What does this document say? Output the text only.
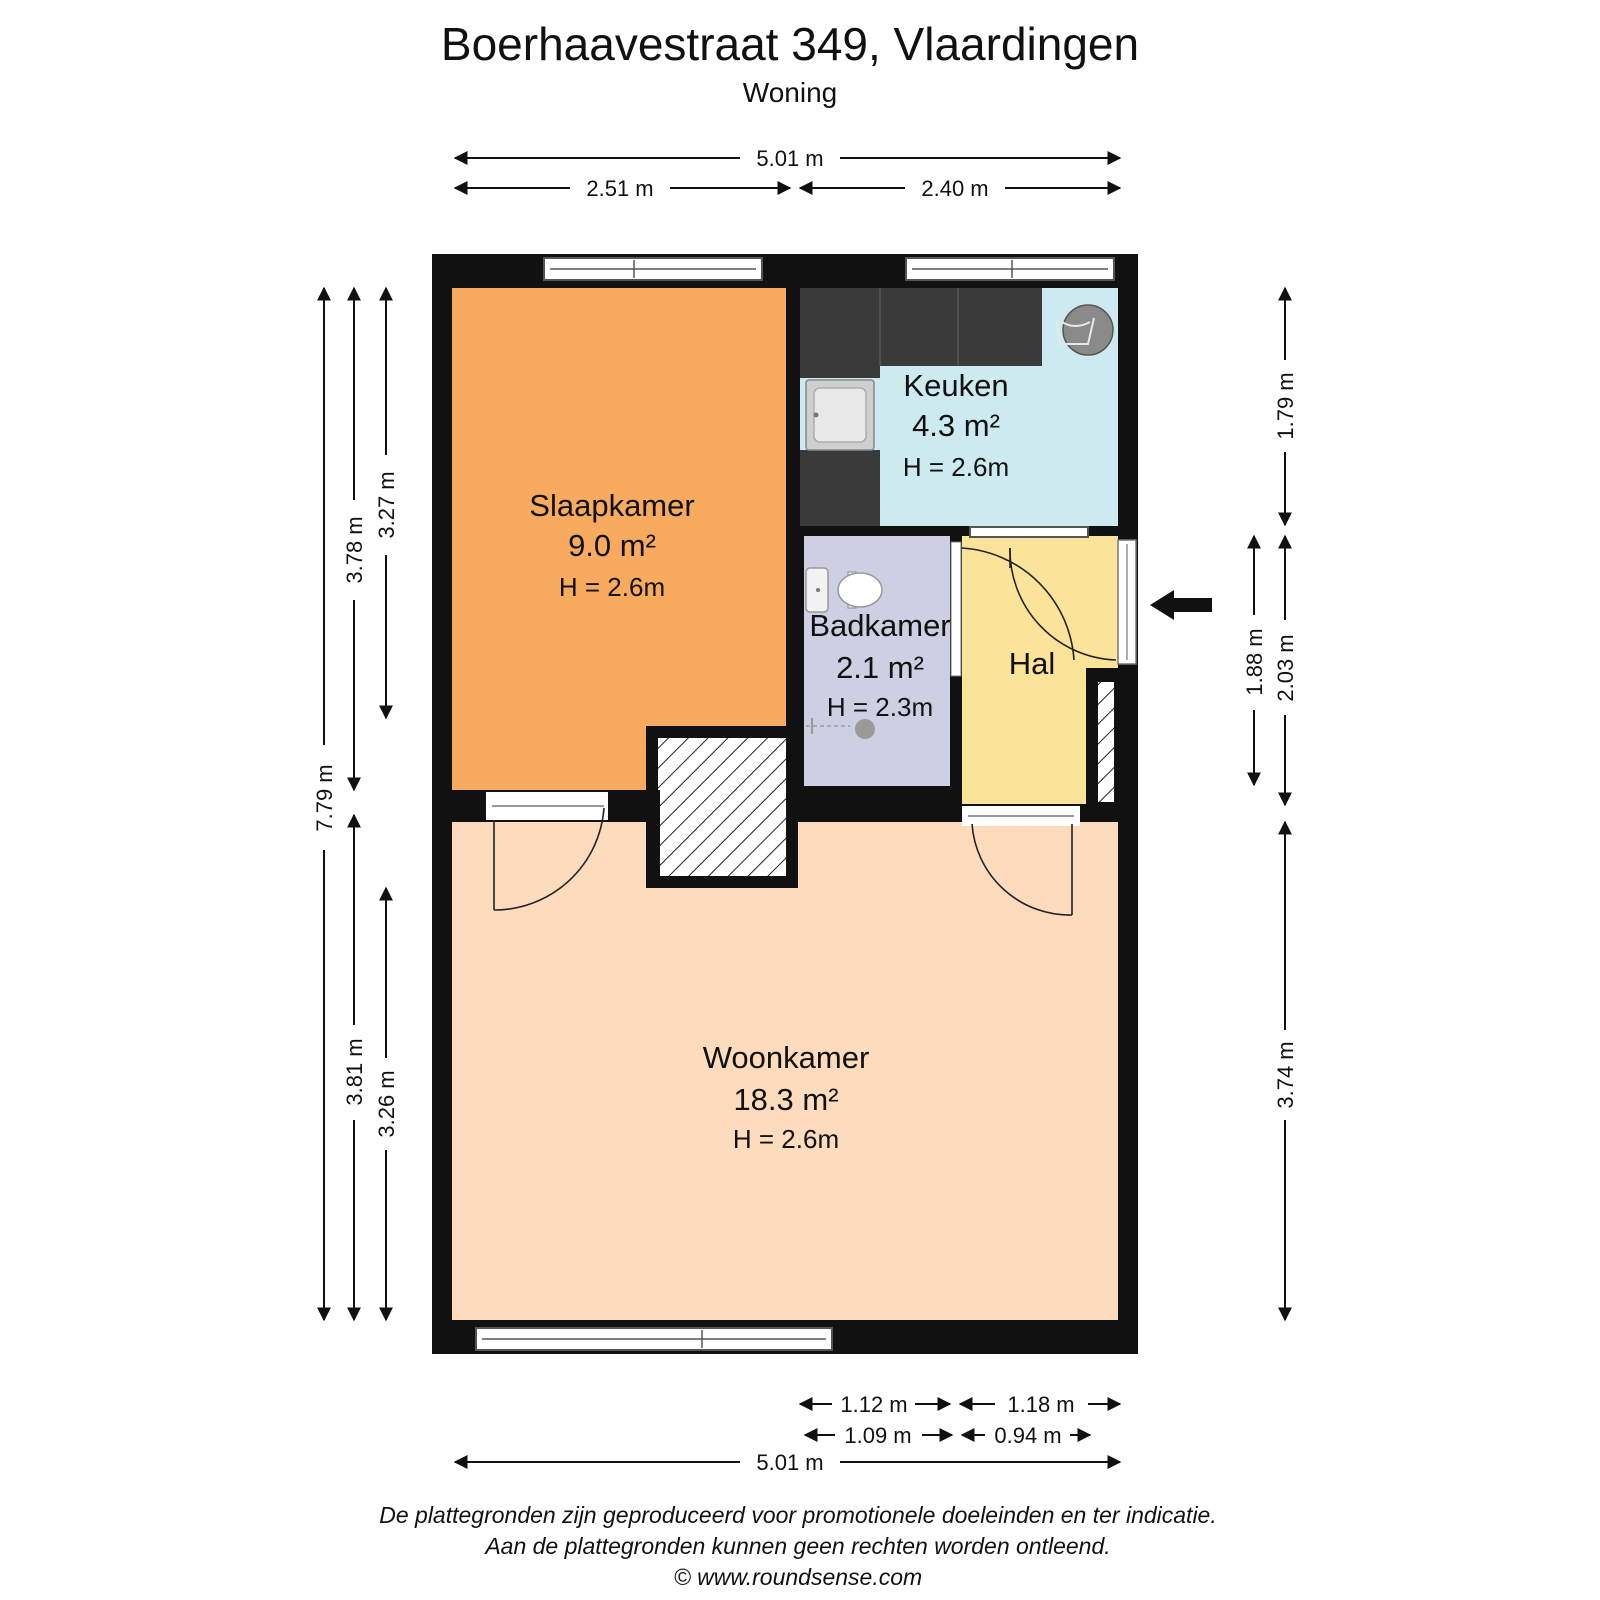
Boerhaavestraat 349, Vlaardingen
Woning
5.01 m
2.51 m	2.40 m
7.79 m
3.78 m
3.27 m
3.81 m 3.26 m
1.79 m
1.88 m 2.03 m
3.74 m
1.12 m	1.18 m
1.09 m	0.94 m
5.01 m
Slaapkamer
9.0 m²
H = 2.6m
Keuken
4.3 m²
H = 2.6m
Badkamer
2.1 m²
H = 2.3m
Hal
Woonkamer
18.3 m²
H = 2.6m
De plattegronden zijn geproduceerd voor promotionele doeleinden en ter indicatie.
Aan de plattegronden kunnen geen rechten worden ontleend.
© www.roundsense.com
